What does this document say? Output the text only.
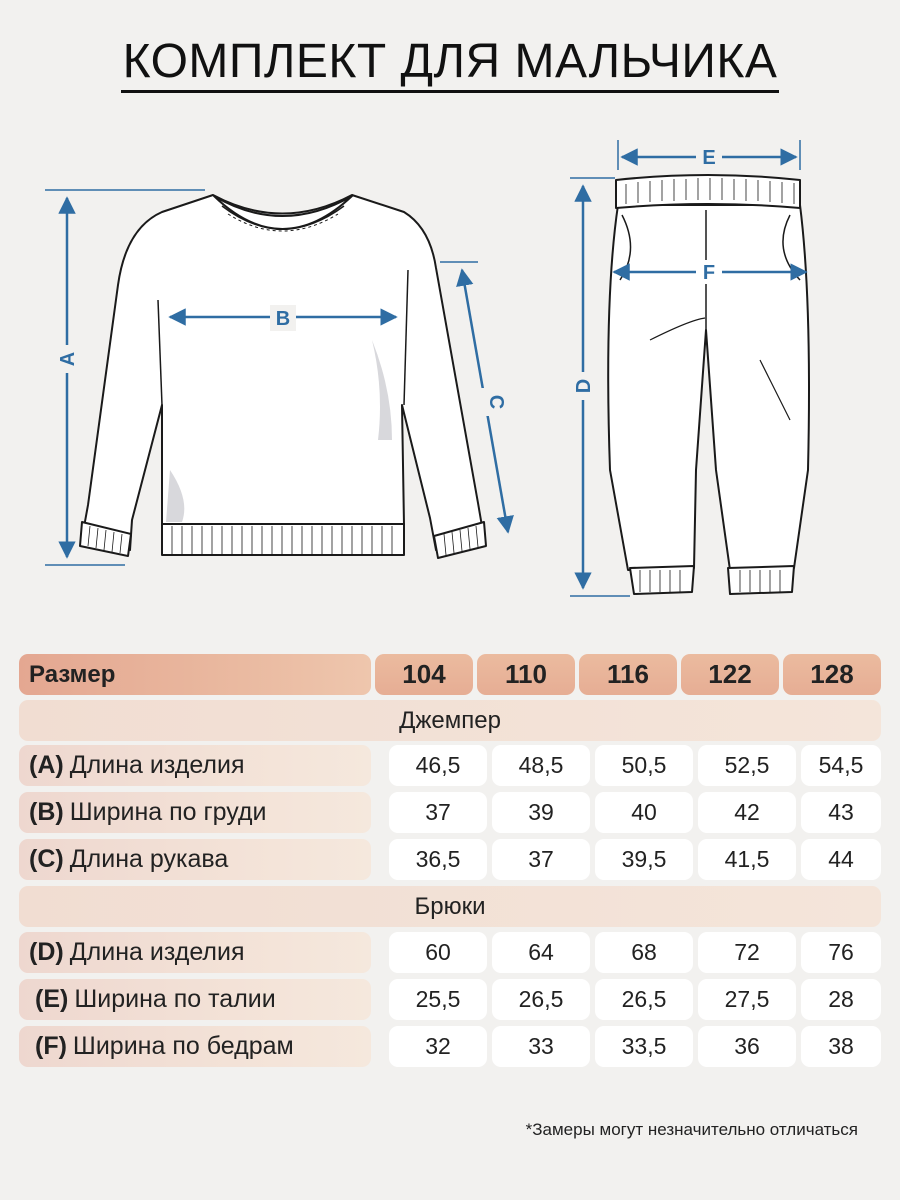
КОМПЛЕКТ ДЛЯ МАЛЬЧИКА
A
B
C
E
F
D
Размер	104	110	116	122	128
Джемпер
(A) Длина изделия	46,5	48,5	50,5	52,5	54,5
(B) Ширина по груди	37	39	40	42	43
(C) Длина рукава	36,5	37	39,5	41,5	44
Брюки
(D) Длина изделия	60	64	68	72	76
(E) Ширина по талии	25,5	26,5	26,5	27,5	28
(F) Ширина по бедрам	32	33	33,5	36	38
*Замеры могут незначительно отличаться
